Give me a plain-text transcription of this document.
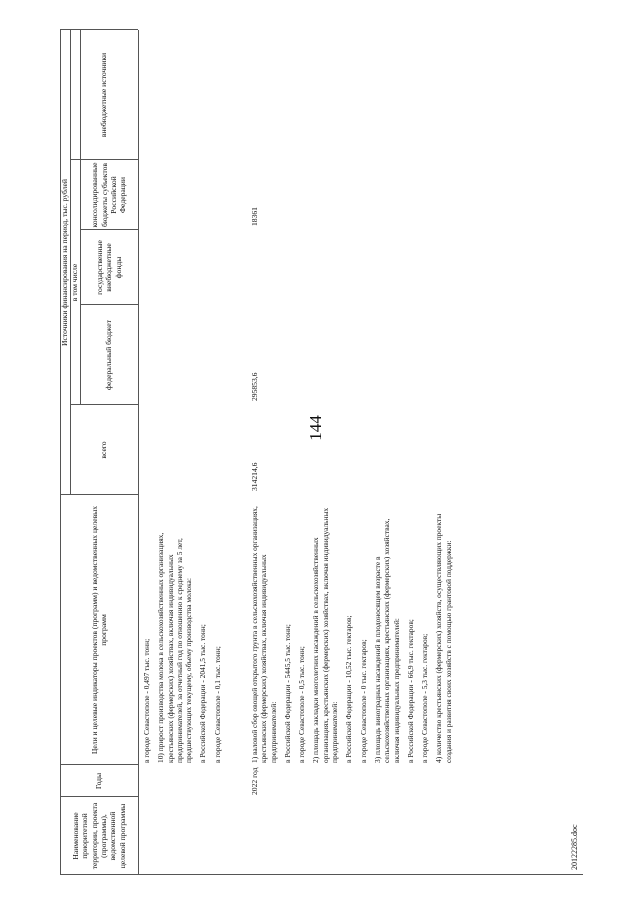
144
20122285.doc
Наименование приоритетной территории, проекта (программы), ведомственной целевой программы
Годы
Цели и целевые индикаторы проектов (программ) и ведомственных целевых программ
Источники финансирования на период, тыс. рублей
всего
в том числе
федеральный бюджет
государственные внебюджетные фонды
консолидированные бюджеты субъектов Российской Федерации
внебюджетные источники
в городе Севастополе - 0,497 тыс. тонн; 10) прирост производства молока в сельскохозяйственных организациях, крестьянских (фермерских) хозяйствах, включая индивидуальных предпринимателей, за отчетный год по отношению к среднему за 5 лет, предшествующих текущему, объему производства молока: в Российской Федерации - 2041,5 тыс. тонн; в городе Севастополе - 0,1 тыс. тонн;
2022 год
1) валовой сбор овощей открытого грунта в сельскохозяйственных организациях, крестьянских (фермерских) хозяйствах, включая индивидуальных предпринимателей: в Российской Федерации - 5445,5 тыс. тонн; в городе Севастополе - 0,5 тыс. тонн; 2) площадь закладки многолетних насаждений в сельскохозяйственных организациях, крестьянских (фермерских) хозяйствах, включая индивидуальных предпринимателей: в Российской Федерации - 10,52 тыс. гектаров; в городе Севастополе - 0 тыс. гектаров; 3) площадь виноградных насаждений в плодоносящем возрасте в сельскохозяйственных организациях, крестьянских (фермерских) хозяйствах, включая индивидуальных предпринимателей: в Российской Федерации - 66,9 тыс. гектаров; в городе Севастополе - 5,3 тыс. гектаров; 4) количество крестьянских (фермерских) хозяйств, осуществляющих проекты создания и развития своих хозяйств с помощью грантовой поддержки:
314214,6
295853,6
18361
